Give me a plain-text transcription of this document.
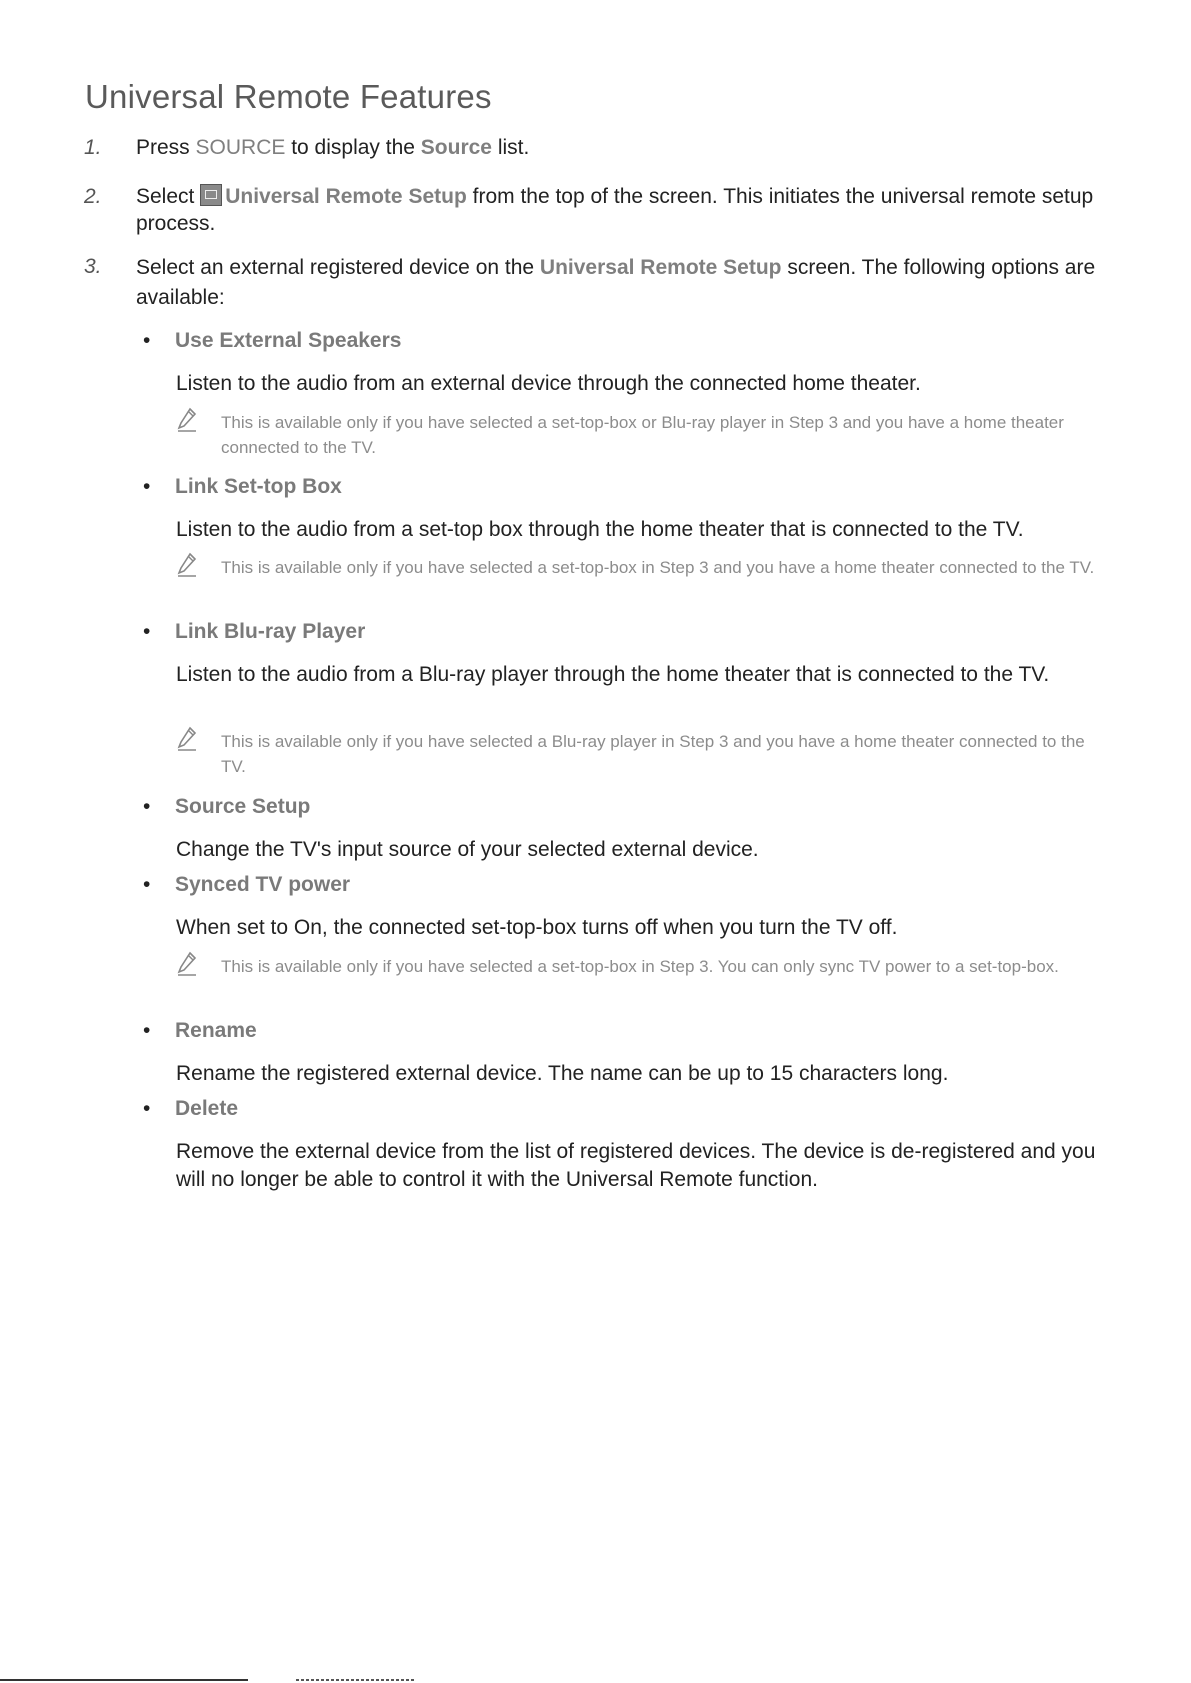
Universal Remote Features
1. Press SOURCE to display the Source list.
2. Select Universal Remote Setup from the top of the screen. This initiates the universal remote setup process.
3. Select an external registered device on the Universal Remote Setup screen. The following options are available:
• Use External Speakers
Listen to the audio from an external device through the connected home theater.
This is available only if you have selected a set-top-box or Blu-ray player in Step 3 and you have a home theater connected to the TV.
• Link Set-top Box
Listen to the audio from a set-top box through the home theater that is connected to the TV.
This is available only if you have selected a set-top-box in Step 3 and you have a home theater connected to the TV.
• Link Blu-ray Player
Listen to the audio from a Blu-ray player through the home theater that is connected to the TV.
This is available only if you have selected a Blu-ray player in Step 3 and you have a home theater connected to the TV.
• Source Setup
Change the TV's input source of your selected external device.
• Synced TV power
When set to On, the connected set-top-box turns off when you turn the TV off.
This is available only if you have selected a set-top-box in Step 3. You can only sync TV power to a set-top-box.
• Rename
Rename the registered external device. The name can be up to 15 characters long.
• Delete
Remove the external device from the list of registered devices. The device is de-registered and you will no longer be able to control it with the Universal Remote function.
